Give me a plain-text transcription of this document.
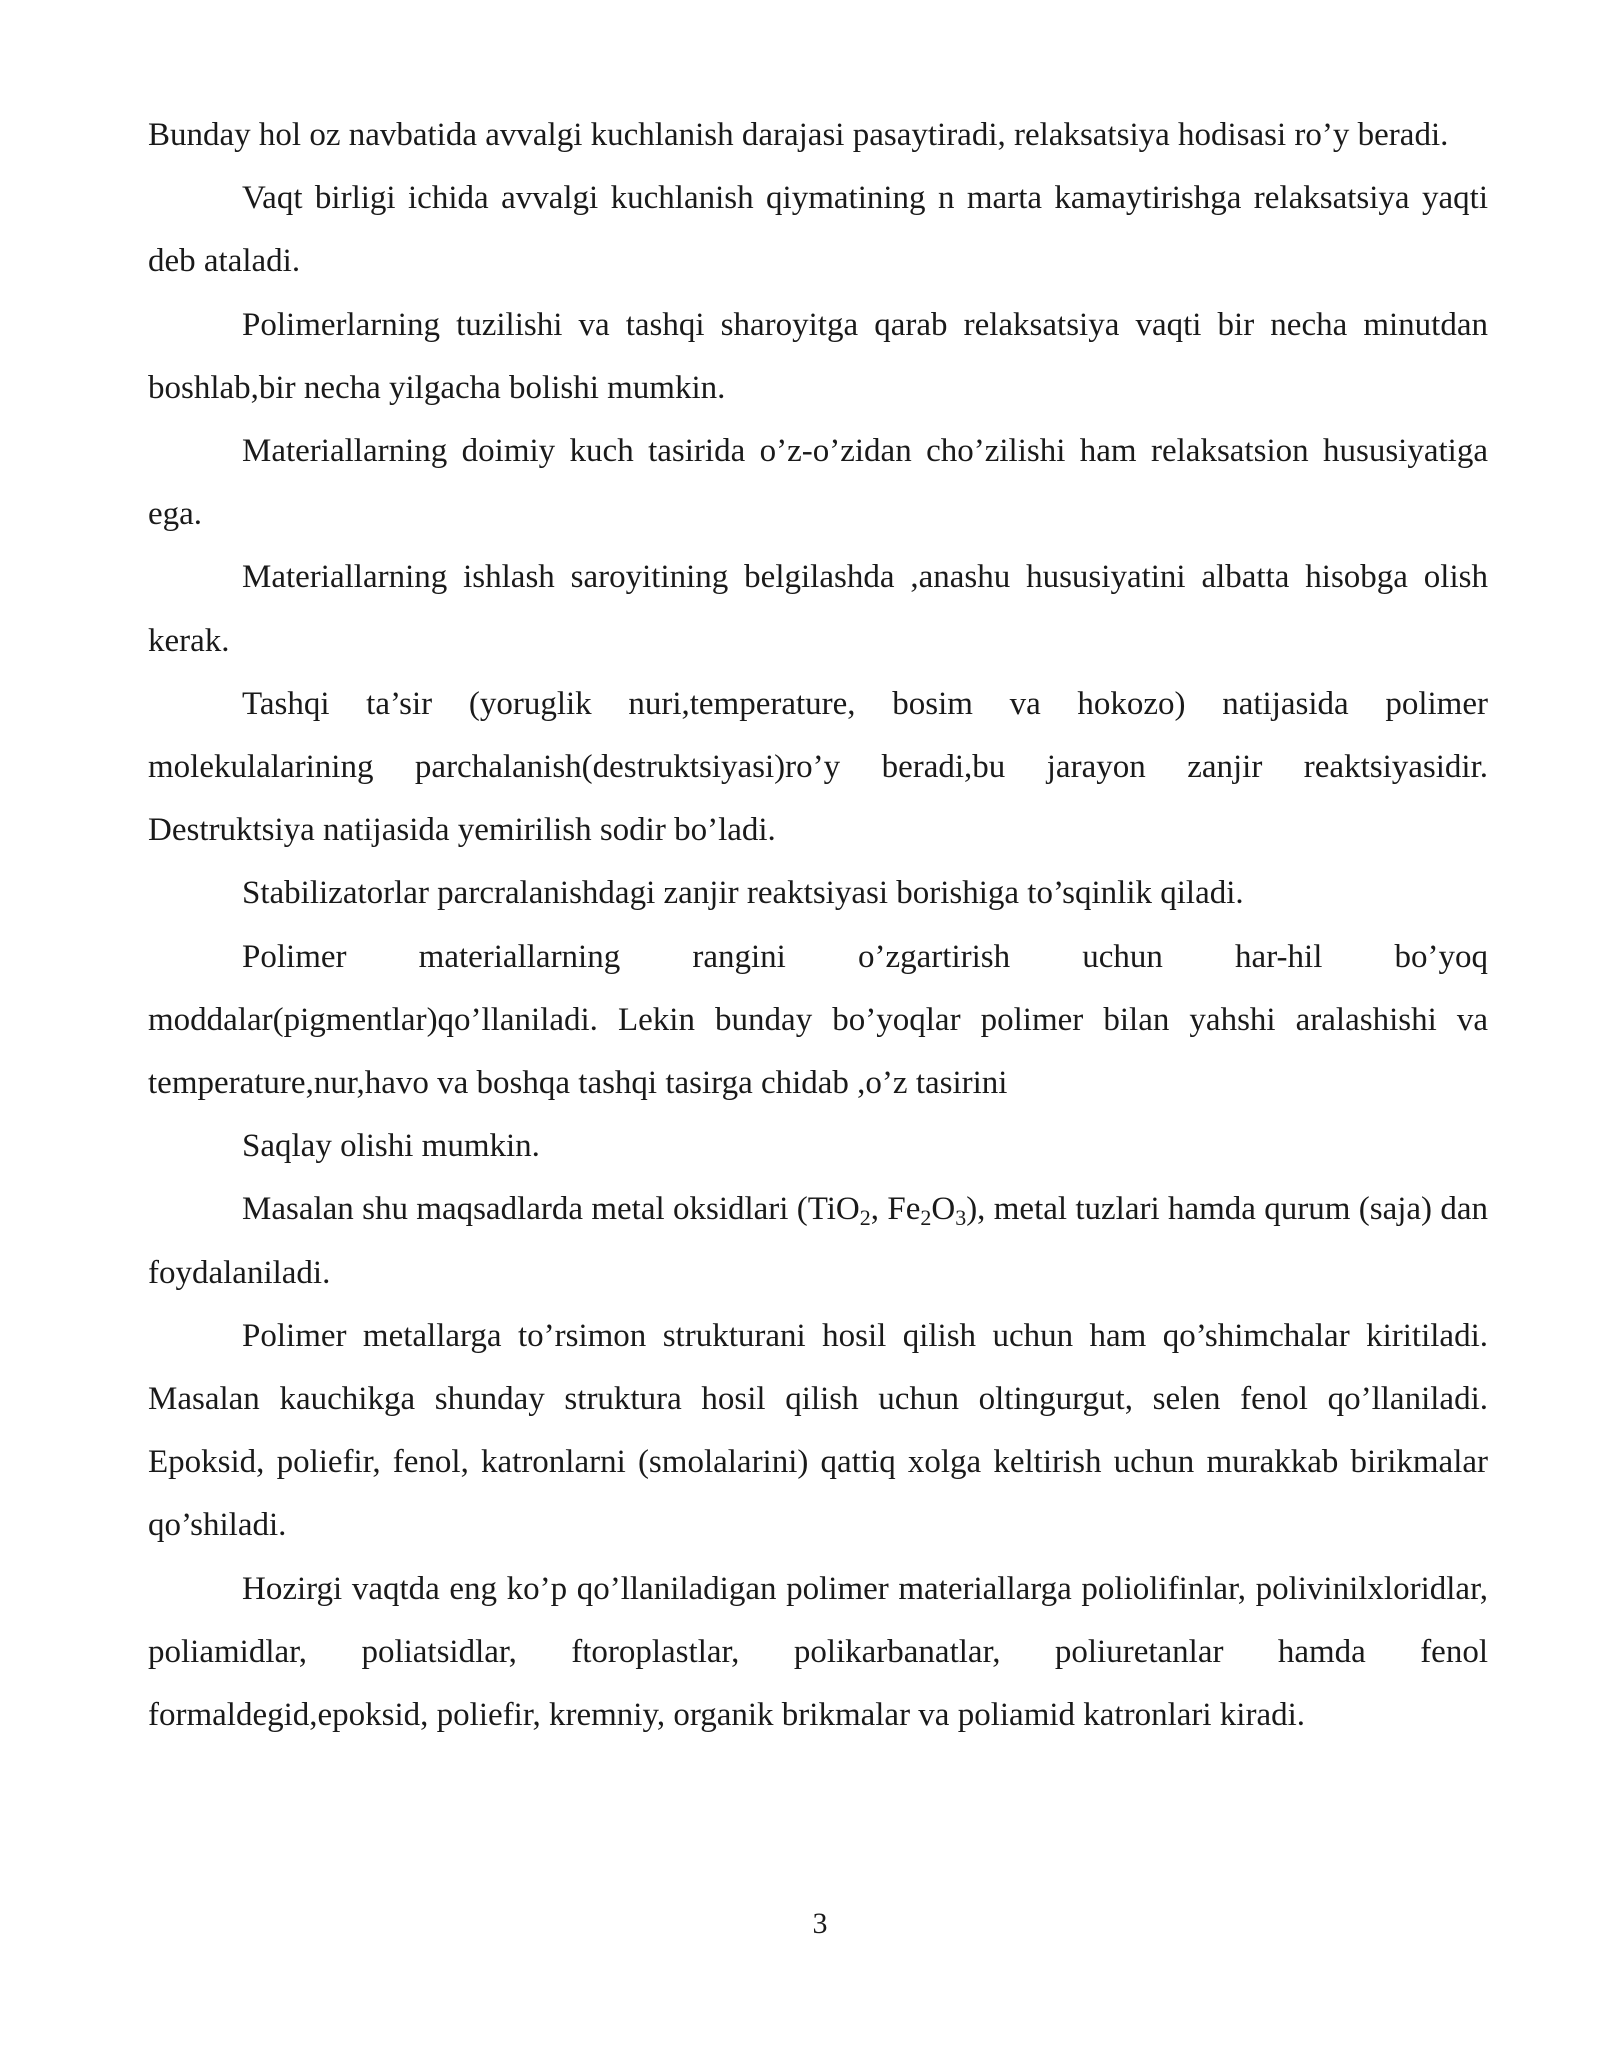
Bunday hol oz navbatida avvalgi kuchlanish darajasi pasaytiradi, relaksatsiya hodisasi ro’y beradi.

Vaqt birligi ichida avvalgi kuchlanish qiymatining n marta kamaytirishga relaksatsiya yaqti deb ataladi.

Polimerlarning tuzilishi va tashqi sharoyitga qarab relaksatsiya vaqti bir necha minutdan boshlab,bir necha yilgacha bolishi mumkin.

Materiallarning doimiy kuch tasirida o’z-o’zidan cho’zilishi ham relaksatsion hususiyatiga ega.

Materiallarning ishlash saroyitining belgilashda ,anashu hususiyatini albatta hisobga olish kerak.

Tashqi ta’sir (yoruglik nuri,temperature, bosim va hokozo) natijasida polimer molekulalarining parchalanish(destruktsiyasi)ro’y beradi,bu jarayon zanjir reaktsiyasidir. Destruktsiya natijasida yemirilish sodir bo’ladi.

Stabilizatorlar parcralanishdagi zanjir reaktsiyasi borishiga to’sqinlik qiladi.

Polimer materiallarning rangini o’zgartirish uchun har-hil bo’yoq moddalar(pigmentlar)qo’llaniladi. Lekin bunday bo’yoqlar polimer bilan yahshi aralashishi va temperature,nur,havo va boshqa tashqi tasirga chidab ,o’z tasirini

Saqlay olishi mumkin.

Masalan shu maqsadlarda metal oksidlari (TiO$_2$, $Fe_2O_3$), metal tuzlari hamda qurum (saja) dan foydalaniladi.

Polimer metallarga to’rsimon strukturani hosil qilish uchun ham qo’shimchalar kiritiladi. Masalan kauchikga shunday struktura hosil qilish uchun oltingurgut, selen fenol qo’llaniladi. Epoksid, poliefir, fenol, katronlarni (smolalarini) qattiq xolga keltirish uchun murakkab birikmalar qo’shiladi.

Hozirgi vaqtda eng ko’p qo’llaniladigan polimer materiallarga poliolifinlar, polivinilxloridlar, poliamidlar, poliatsidlar, ftoroplastlar, polikarbanatlar, poliuretanlar hamda fenol formaldegid,epoksid, poliefir, kremniy, organik brikmalar va poliamid katronlari kiradi.

3
